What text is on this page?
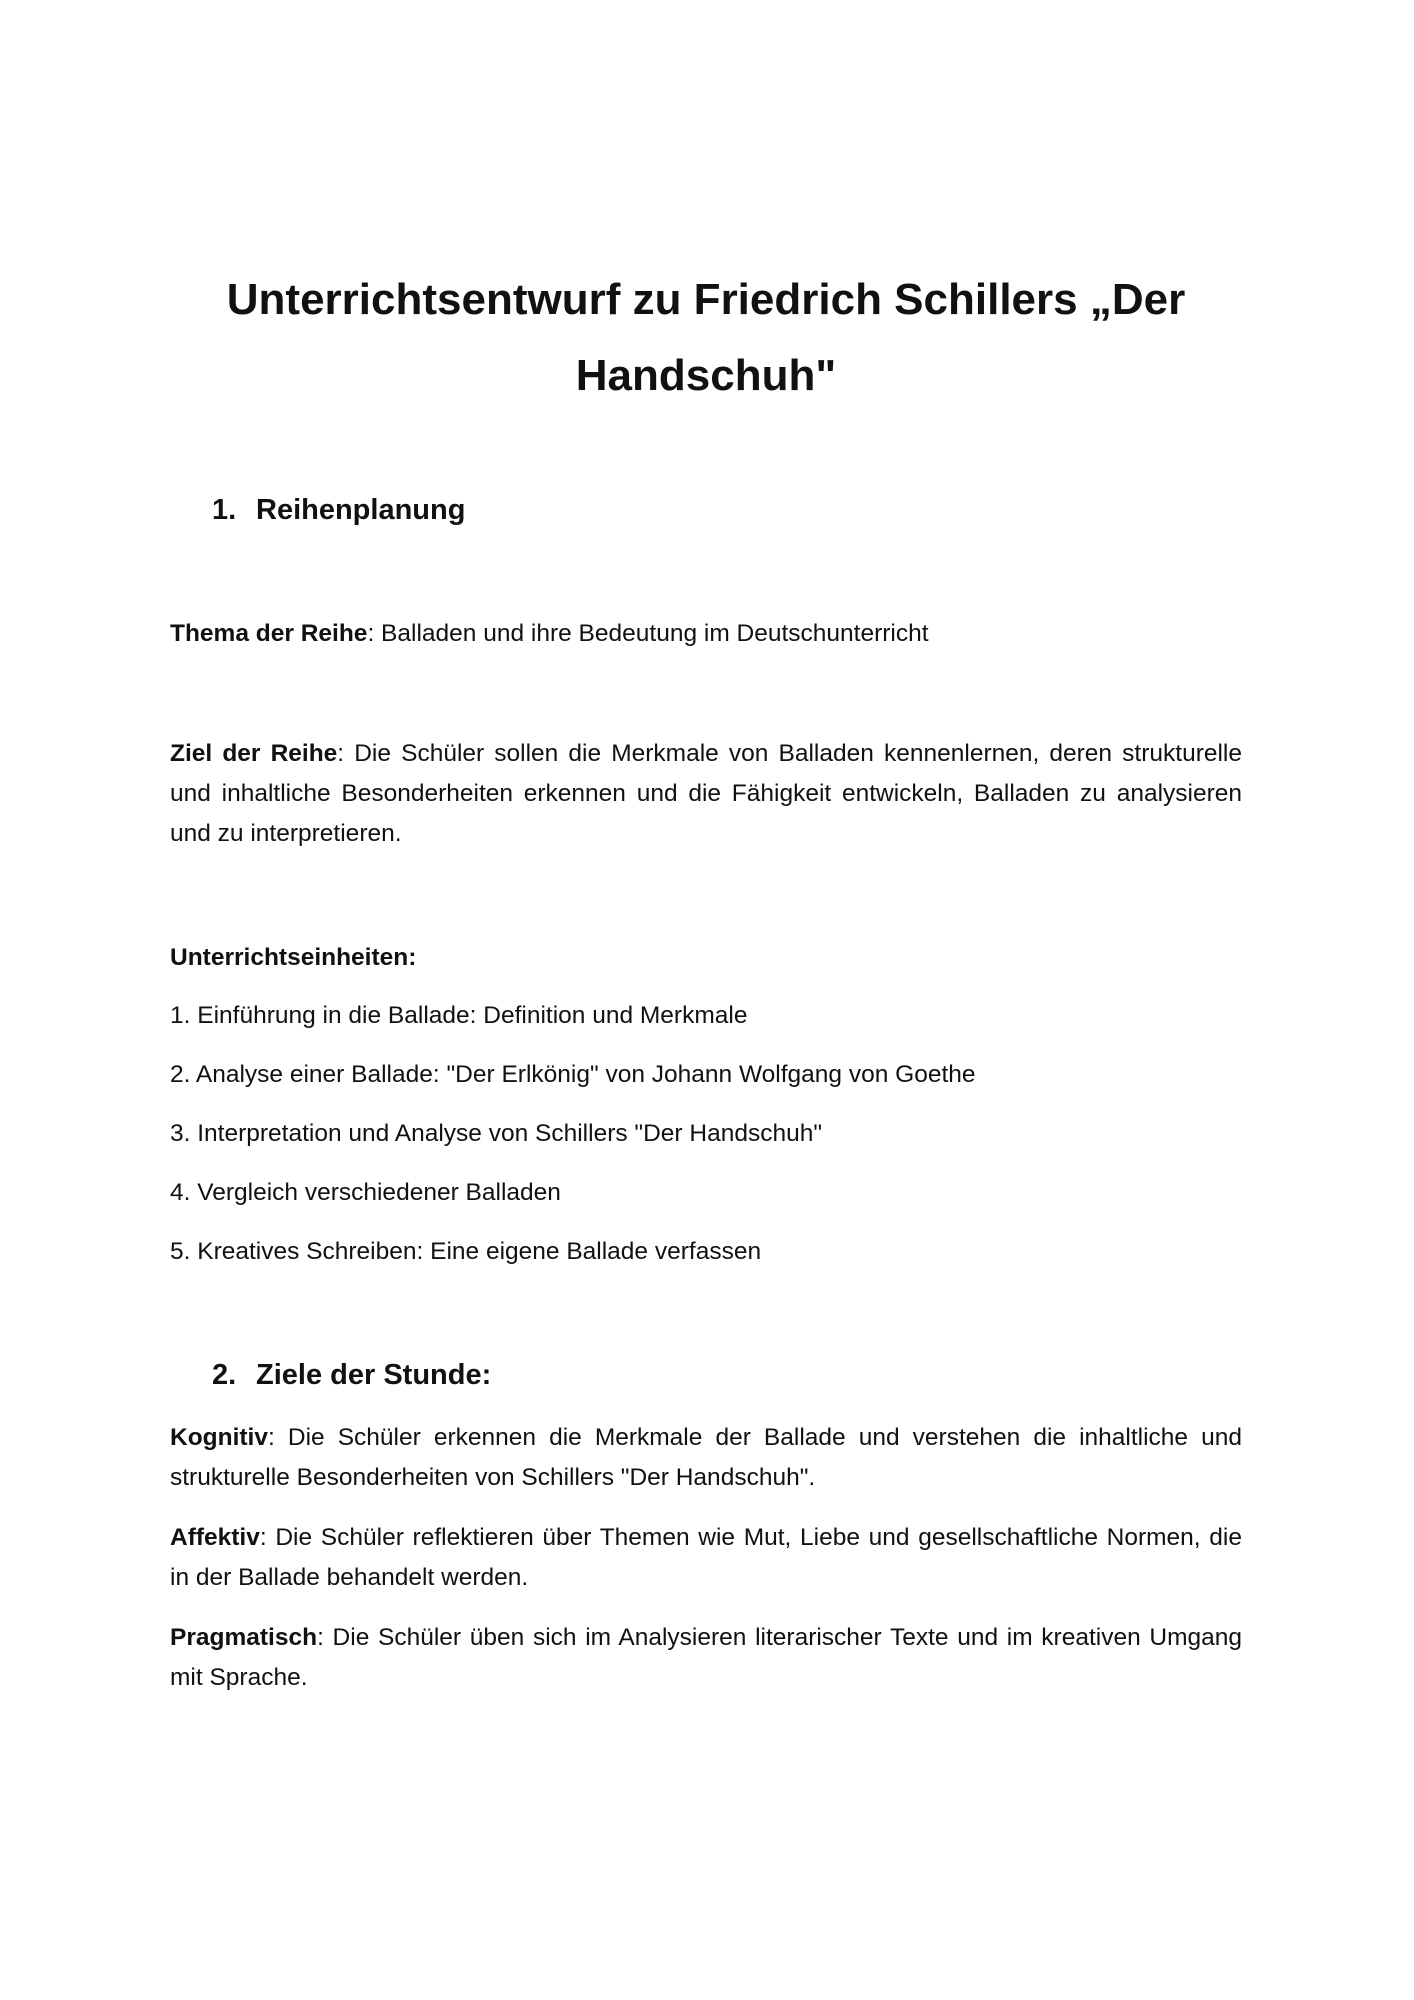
Unterrichtsentwurf zu Friedrich Schillers „Der Handschuh"
1. Reihenplanung

Thema der Reihe: Balladen und ihre Bedeutung im Deutschunterricht

Ziel der Reihe: Die Schüler sollen die Merkmale von Balladen kennenlernen, deren strukturelle und inhaltliche Besonderheiten erkennen und die Fähigkeit entwickeln, Balladen zu analysieren und zu interpretieren.

Unterrichtseinheiten:

1. Einführung in die Ballade: Definition und Merkmale

2. Analyse einer Ballade: "Der Erlkönig" von Johann Wolfgang von Goethe

3. Interpretation und Analyse von Schillers "Der Handschuh"

4. Vergleich verschiedener Balladen

5. Kreatives Schreiben: Eine eigene Ballade verfassen

2. Ziele der Stunde:

Kognitiv: Die Schüler erkennen die Merkmale der Ballade und verstehen die inhaltliche und strukturelle Besonderheiten von Schillers "Der Handschuh".

Affektiv: Die Schüler reflektieren über Themen wie Mut, Liebe und gesellschaftliche Normen, die in der Ballade behandelt werden.

Pragmatisch: Die Schüler üben sich im Analysieren literarischer Texte und im kreativen Umgang mit Sprache.
